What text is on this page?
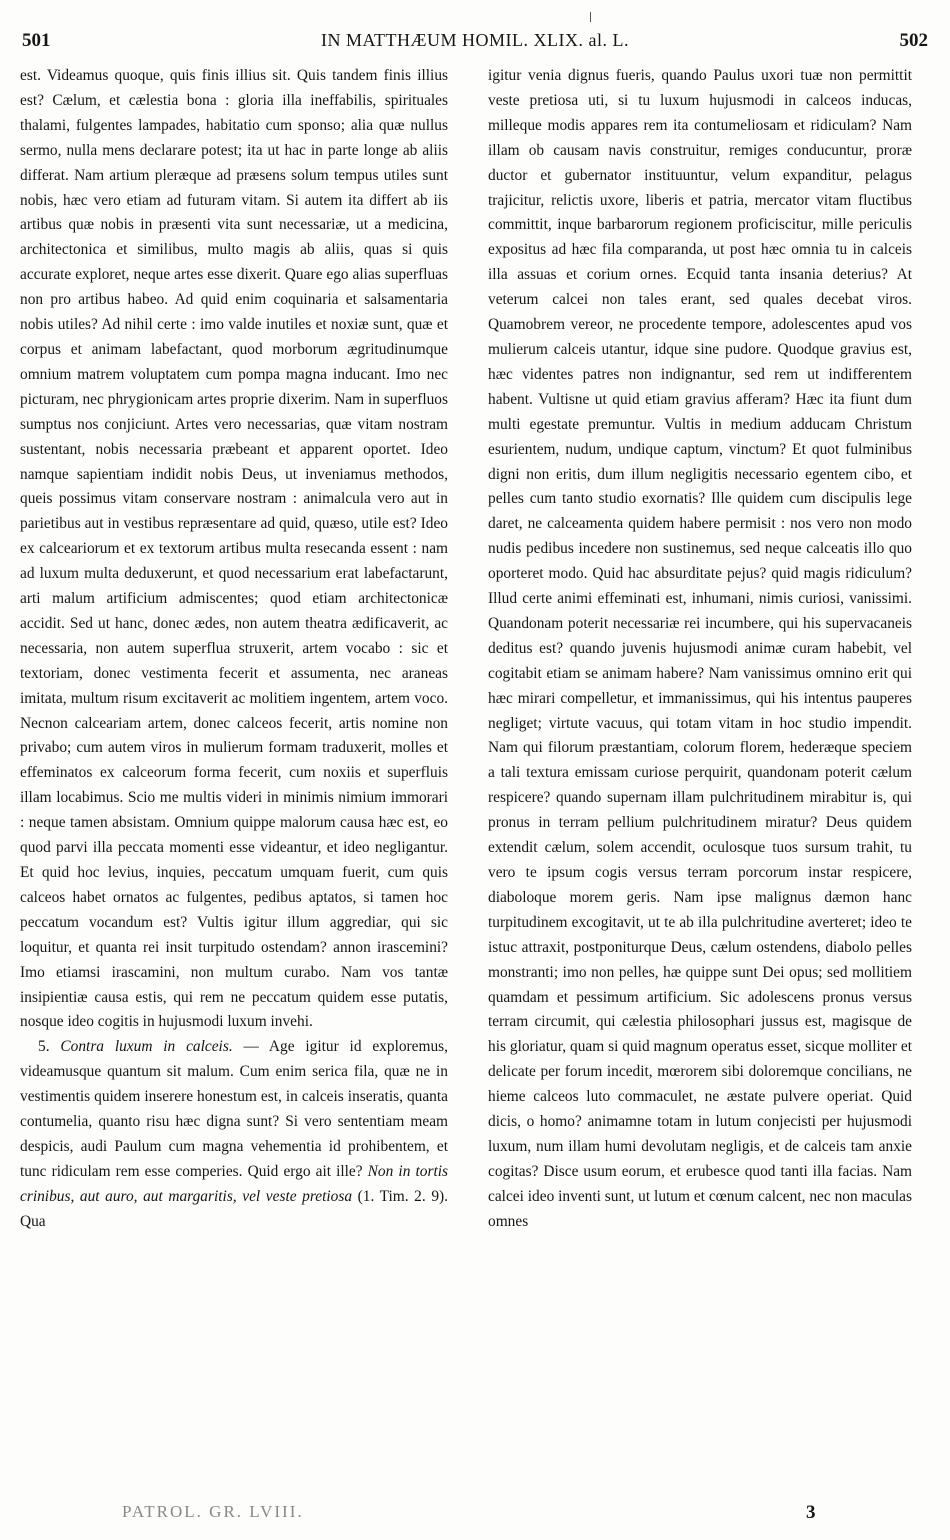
501	IN MATTHÆUM HOMIL. XLIX. al. L.	502

est. Videamus quoque, quis finis illius sit. Quis tandem finis illius est? Cælum, et cælestia bona : gloria illa ineffabilis, spirituales thalami, fulgentes lampades, habitatio cum sponso; alia quæ nullus sermo, nulla mens declarare potest; ita ut hac in parte longe ab aliis differat. Nam artium pleræque ad præsens solum tempus utiles sunt nobis, hæc vero etiam ad futuram vitam. Si autem ita differt ab iis artibus quæ nobis in præsenti vita sunt necessariæ, ut a medicina, architectonica et similibus, multo magis ab aliis, quas si quis accurate exploret, neque artes esse dixerit. Quare ego alias superfluas non pro artibus habeo. Ad quid enim coquinaria et salsamentaria nobis utiles? Ad nihil certe : imo valde inutiles et noxiæ sunt, quæ et corpus et animam labefactant, quod morborum ægritudinumque omnium matrem voluptatem cum pompa magna inducant. Imo nec picturam, nec phrygionicam artes proprie dixerim. Nam in superfluos sumptus nos conjiciunt. Artes vero necessarias, quæ vitam nostram sustentant, nobis necessaria præbeant et apparent oportet. Ideo namque sapientiam indidit nobis Deus, ut inveniamus methodos, queis possimus vitam conservare nostram : animalcula vero aut in parietibus aut in vestibus repræsentare ad quid, quæso, utile est? Ideo ex calceariorum et ex textorum artibus multa resecanda essent : nam ad luxum multa deduxerunt, et quod necessarium erat labefactarunt, arti malum artificium admiscentes; quod etiam architectonicæ accidit. Sed ut hanc, donec ædes, non autem theatra ædificaverit, ac necessaria, non autem superflua struxerit, artem vocabo : sic et textoriam, donec vestimenta fecerit et assumenta, nec araneas imitata, multum risum excitaverit ac molitiem ingentem, artem voco. Necnon calceariam artem, donec calceos fecerit, artis nomine non privabo; cum autem viros in mulierum formam traduxerit, molles et effeminatos ex calceorum forma fecerit, cum noxiis et superfluis illam locabimus. Scio me multis videri in minimis nimium immorari : neque tamen absistam. Omnium quippe malorum causa hæc est, eo quod parvi illa peccata momenti esse videantur, et ideo negligantur. Et quid hoc levius, inquies, peccatum umquam fuerit, cum quis calceos habet ornatos ac fulgentes, pedibus aptatos, si tamen hoc peccatum vocandum est? Vultis igitur illum aggrediar, qui sic loquitur, et quanta rei insit turpitudo ostendam? annon irascemini? Imo etiamsi irascamini, non multum curabo. Nam vos tantæ insipientiæ causa estis, qui rem ne peccatum quidem esse putatis, nosque ideo cogitis in hujusmodi luxum invehi.

5. Contra luxum in calceis. — Age igitur id exploremus, videamusque quantum sit malum. Cum enim serica fila, quæ ne in vestimentis quidem inserere honestum est, in calceis inseratis, quanta contumelia, quanto risu hæc digna sunt? Si vero sententiam meam despicis, audi Paulum cum magna vehementia id prohibentem, et tunc ridiculam rem esse comperies. Quid ergo ait ille? Non in tortis crinibus, aut auro, aut margaritis, vel veste pretiosa (1. Tim. 2. 9). Qua

igitur venia dignus fueris, quando Paulus uxori tuæ non permittit veste pretiosa uti, si tu luxum hujusmodi in calceos inducas, milleque modis appares rem ita contumeliosam et ridiculam? Nam illam ob causam navis construitur, remiges conducuntur, proræ ductor et gubernator instituuntur, velum expanditur, pelagus trajicitur, relictis uxore, liberis et patria, mercator vitam fluctibus committit, inque barbarorum regionem proficiscitur, mille periculis expositus ad hæc fila comparanda, ut post hæc omnia tu in calceis illa assuas et corium ornes. Ecquid tanta insania deterius? At veterum calcei non tales erant, sed quales decebat viros. Quamobrem vereor, ne procedente tempore, adolescentes apud vos mulierum calceis utantur, idque sine pudore. Quodque gravius est, hæc videntes patres non indignantur, sed rem ut indifferentem habent. Vultisne ut quid etiam gravius afferam? Hæc ita fiunt dum multi egestate premuntur. Vultis in medium adducam Christum esurientem, nudum, undique captum, vinctum? Et quot fulminibus digni non eritis, dum illum negligitis necessario egentem cibo, et pelles cum tanto studio exornatis? Ille quidem cum discipulis lege daret, ne calceamenta quidem habere permisit : nos vero non modo nudis pedibus incedere non sustinemus, sed neque calceatis illo quo oporteret modo. Quid hac absurditate pejus? quid magis ridiculum? Illud certe animi effeminati est, inhumani, nimis curiosi, vanissimi. Quandonam poterit necessariæ rei incumbere, qui his supervacaneis deditus est? quando juvenis hujusmodi animæ curam habebit, vel cogitabit etiam se animam habere? Nam vanissimus omnino erit qui hæc mirari compelletur, et immanissimus, qui his intentus pauperes negliget; virtute vacuus, qui totam vitam in hoc studio impendit. Nam qui filorum præstantiam, colorum florem, hederæque speciem a tali textura emissam curiose perquirit, quandonam poterit cælum respicere? quando supernam illam pulchritudinem mirabitur is, qui pronus in terram pellium pulchritudinem miratur? Deus quidem extendit cælum, solem accendit, oculosque tuos sursum trahit, tu vero te ipsum cogis versus terram porcorum instar respicere, diaboloque morem geris. Nam ipse malignus dæmon hanc turpitudinem excogitavit, ut te ab illa pulchritudine averteret; ideo te istuc attraxit, postponiturque Deus, cælum ostendens, diabolo pelles monstranti; imo non pelles, hæ quippe sunt Dei opus; sed mollitiem quamdam et pessimum artificium. Sic adolescens pronus versus terram circumit, qui cælestia philosophari jussus est, magisque de his gloriatur, quam si quid magnum operatus esset, sicque molliter et delicate per forum incedit, mœrorem sibi doloremque concilians, ne hieme calceos luto commaculet, ne æstate pulvere operiat. Quid dicis, o homo? animamne totam in lutum conjecisti per hujusmodi luxum, num illam humi devolutam negligis, et de calceis tam anxie cogitas? Disce usum eorum, et erubesce quod tanti illa facias. Nam calcei ideo inventi sunt, ut lutum et cœnum calcent, nec non maculas omnes

PATROL. GR. LVIII.	3
